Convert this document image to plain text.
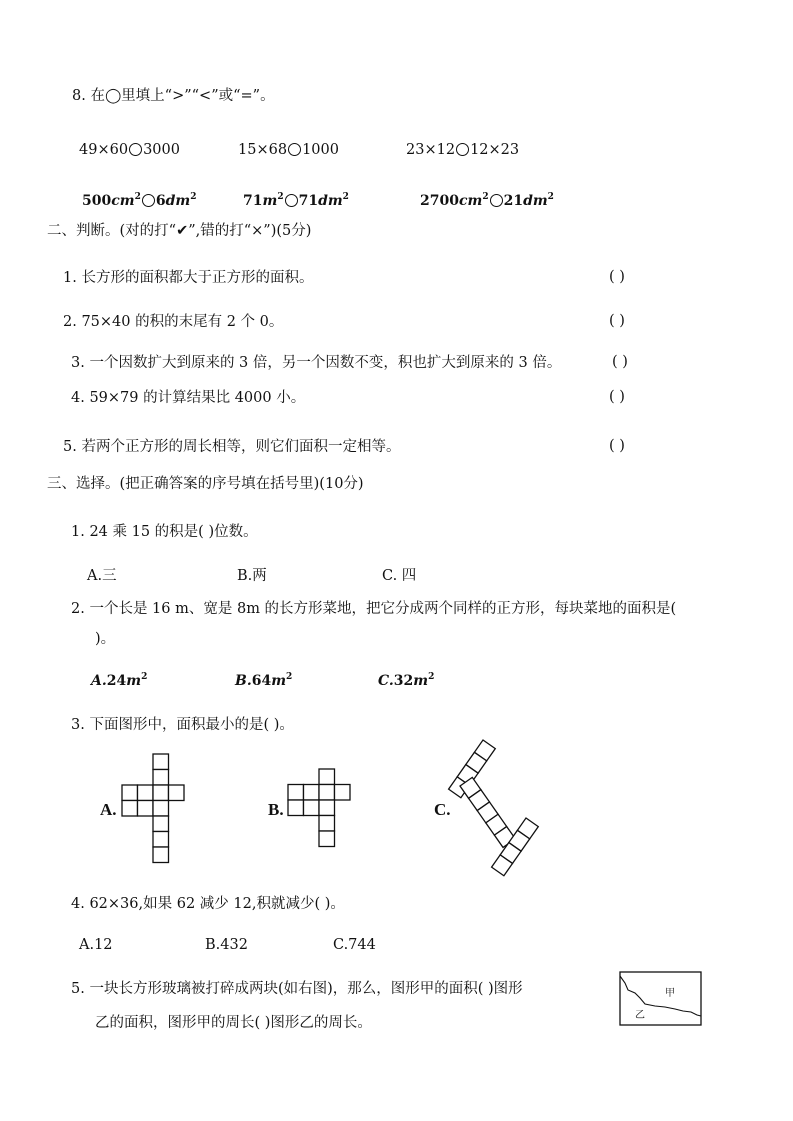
8. 在◯里填上“>”“<”或“=”。
49×60 3000	15×68 1000	23×12 12×23
$500cm^2$ $6dm^2$	$71m^2$ $71dm^2$	$2700cm^2$ $21dm^2$
二、判断。(对的打“✔”,错的打“×”)(5分)
1. 长方形的面积都大于正方形的面积。	( )
2. 75×40 的积的末尾有 2 个 0。	( )
3. 一个因数扩大到原来的 3 倍，另一个因数不变，积也扩大到原来的 3 倍。	( )
4. 59×79 的计算结果比 4000 小。	( )
5. 若两个正方形的周长相等，则它们面积一定相等。	( )
三、选择。(把正确答案的序号填在括号里)(10分)
1. 24 乘 15 的积是( )位数。
A.三	B.两	C. 四
2. 一个长是 16 m、宽是 8m 的长方形菜地，把它分成两个同样的正方形，每块菜地的面积是(
)。
$A.24m^2$	$B.64m^2$	$C.32m^2$
3. 下面图形中，面积最小的是( )。
A.	B.	C.
4. 62×36,如果 62 减少 12,积就减少( )。
A.12	B.432	C.744
5. 一块长方形玻璃被打碎成两块(如右图)，那么，图形甲的面积( )图形
乙的面积，图形甲的周长( )图形乙的周长。
甲
乙
